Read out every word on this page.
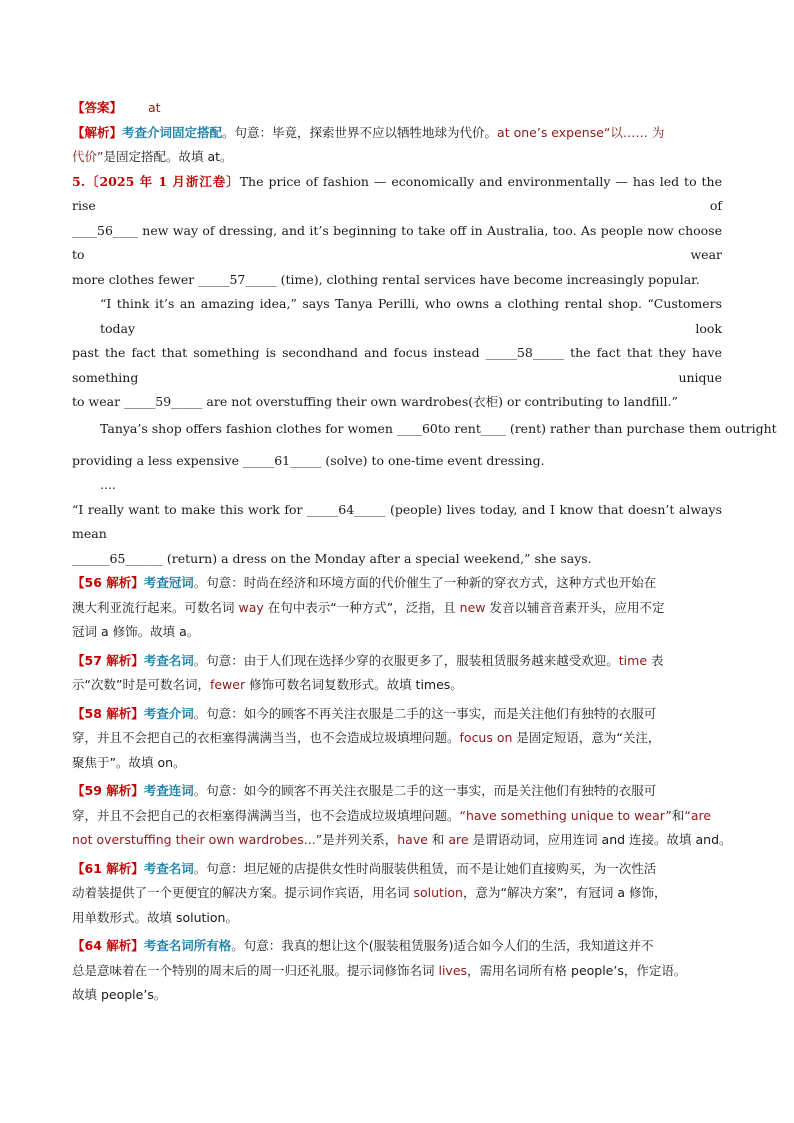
【答案】 at
【解析】考查介词固定搭配。句意：毕竟，探索世界不应以牺牲地球为代价。at one’s expense“以…… 为
代价”是固定搭配。故填 at。
5.〔2025 年 1 月浙江卷〕The price of fashion — economically and environmentally — has led to the rise of
____56____ new way of dressing, and it’s beginning to take off in Australia, too. As people now choose to wear
more clothes fewer _____57_____ (time), clothing rental services have become increasingly popular.
“I think it’s an amazing idea,” says Tanya Perilli, who owns a clothing rental shop. “Customers today look
past the fact that something is secondhand and focus instead _____58_____ the fact that they have something unique
to wear _____59_____ are not overstuffing their own wardrobes(衣柜) or contributing to landfill.”
Tanya’s shop offers fashion clothes for women ____60to rent____ (rent) rather than purchase them outright
providing a less expensive _____61_____ (solve) to one-time event dressing.
....
“I really want to make this work for _____64_____ (people) lives today, and I know that doesn’t always mean
______65______ (return) a dress on the Monday after a special weekend,” she says.
【56 解析】考查冠词。句意：时尚在经济和环境方面的代价催生了一种新的穿衣方式，这种方式也开始在
澳大利亚流行起来。可数名词 way 在句中表示“一种方式”，泛指，且 new 发音以辅音音素开头，应用不定
冠词 a 修饰。故填 a。
【57 解析】考查名词。句意：由于人们现在选择少穿的衣服更多了，服装租赁服务越来越受欢迎。time 表
示“次数”时是可数名词，fewer 修饰可数名词复数形式。故填 times。
【58 解析】考查介词。句意：如今的顾客不再关注衣服是二手的这一事实，而是关注他们有独特的衣服可
穿，并且不会把自己的衣柜塞得满满当当，也不会造成垃圾填埋问题。focus on 是固定短语，意为“关注，
聚焦于”。故填 on。
【59 解析】考查连词。句意：如今的顾客不再关注衣服是二手的这一事实，而是关注他们有独特的衣服可
穿，并且不会把自己的衣柜塞得满满当当，也不会造成垃圾填埋问题。“have something unique to wear”和“are
not overstuffing their own wardrobes...”是并列关系，have 和 are 是谓语动词，应用连词 and 连接。故填 and。
【61 解析】考查名词。句意：坦尼娅的店提供女性时尚服装供租赁，而不是让她们直接购买，为一次性活
动着装提供了一个更便宜的解决方案。提示词作宾语，用名词 solution，意为“解决方案”，有冠词 a 修饰，
用单数形式。故填 solution。
【64 解析】考查名词所有格。句意：我真的想让这个(服装租赁服务)适合如今人们的生活，我知道这并不
总是意味着在一个特别的周末后的周一归还礼服。提示词修饰名词 lives，需用名词所有格 people’s，作定语。
故填 people’s。
